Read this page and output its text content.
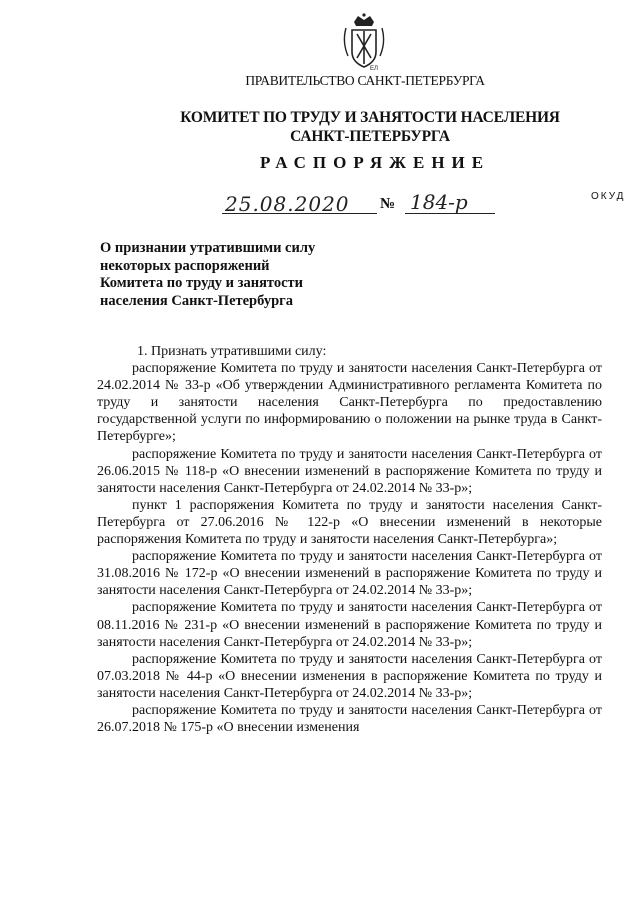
ЕЛ
ПРАВИТЕЛЬСТВО САНКТ-ПЕТЕРБУРГА
КОМИТЕТ ПО ТРУДУ И ЗАНЯТОСТИ НАСЕЛЕНИЯ
САНКТ-ПЕТЕРБУРГА
РАСПОРЯЖЕНИЕ
25.08.2020	№ 184-р	ОКУД
О признании утратившими силу
некоторых распоряжений
Комитета по труду и занятости
населения Санкт-Петербурга

1. Признать утратившими силу:

распоряжение Комитета по труду и занятости населения Санкт-Петербурга от 24.02.2014 № 33-р «Об утверждении Административного регламента Комитета по труду и занятости населения Санкт-Петербурга по предоставлению государственной услуги по информированию о положении на рынке труда в Санкт-Петербурге»;

распоряжение Комитета по труду и занятости населения Санкт-Петербурга от 26.06.2015 № 118-р «О внесении изменений в распоряжение Комитета по труду и занятости населения Санкт-Петербурга от 24.02.2014 № 33-р»;

пункт 1 распоряжения Комитета по труду и занятости населения Санкт-Петербурга от 27.06.2016 № 122-р «О внесении изменений в некоторые распоряжения Комитета по труду и занятости населения Санкт-Петербурга»;

распоряжение Комитета по труду и занятости населения Санкт-Петербурга от 31.08.2016 № 172-р «О внесении изменений в распоряжение Комитета по труду и занятости населения Санкт-Петербурга от 24.02.2014 № 33-р»;

распоряжение Комитета по труду и занятости населения Санкт-Петербурга от 08.11.2016 № 231-р «О внесении изменений в распоряжение Комитета по труду и занятости населения Санкт-Петербурга от 24.02.2014 № 33-р»;

распоряжение Комитета по труду и занятости населения Санкт-Петербурга от 07.03.2018 № 44-р «О внесении изменения в распоряжение Комитета по труду и занятости населения Санкт-Петербурга от 24.02.2014 № 33-р»;

распоряжение Комитета по труду и занятости населения Санкт-Петербурга от 26.07.2018 № 175-р «О внесении изменения
